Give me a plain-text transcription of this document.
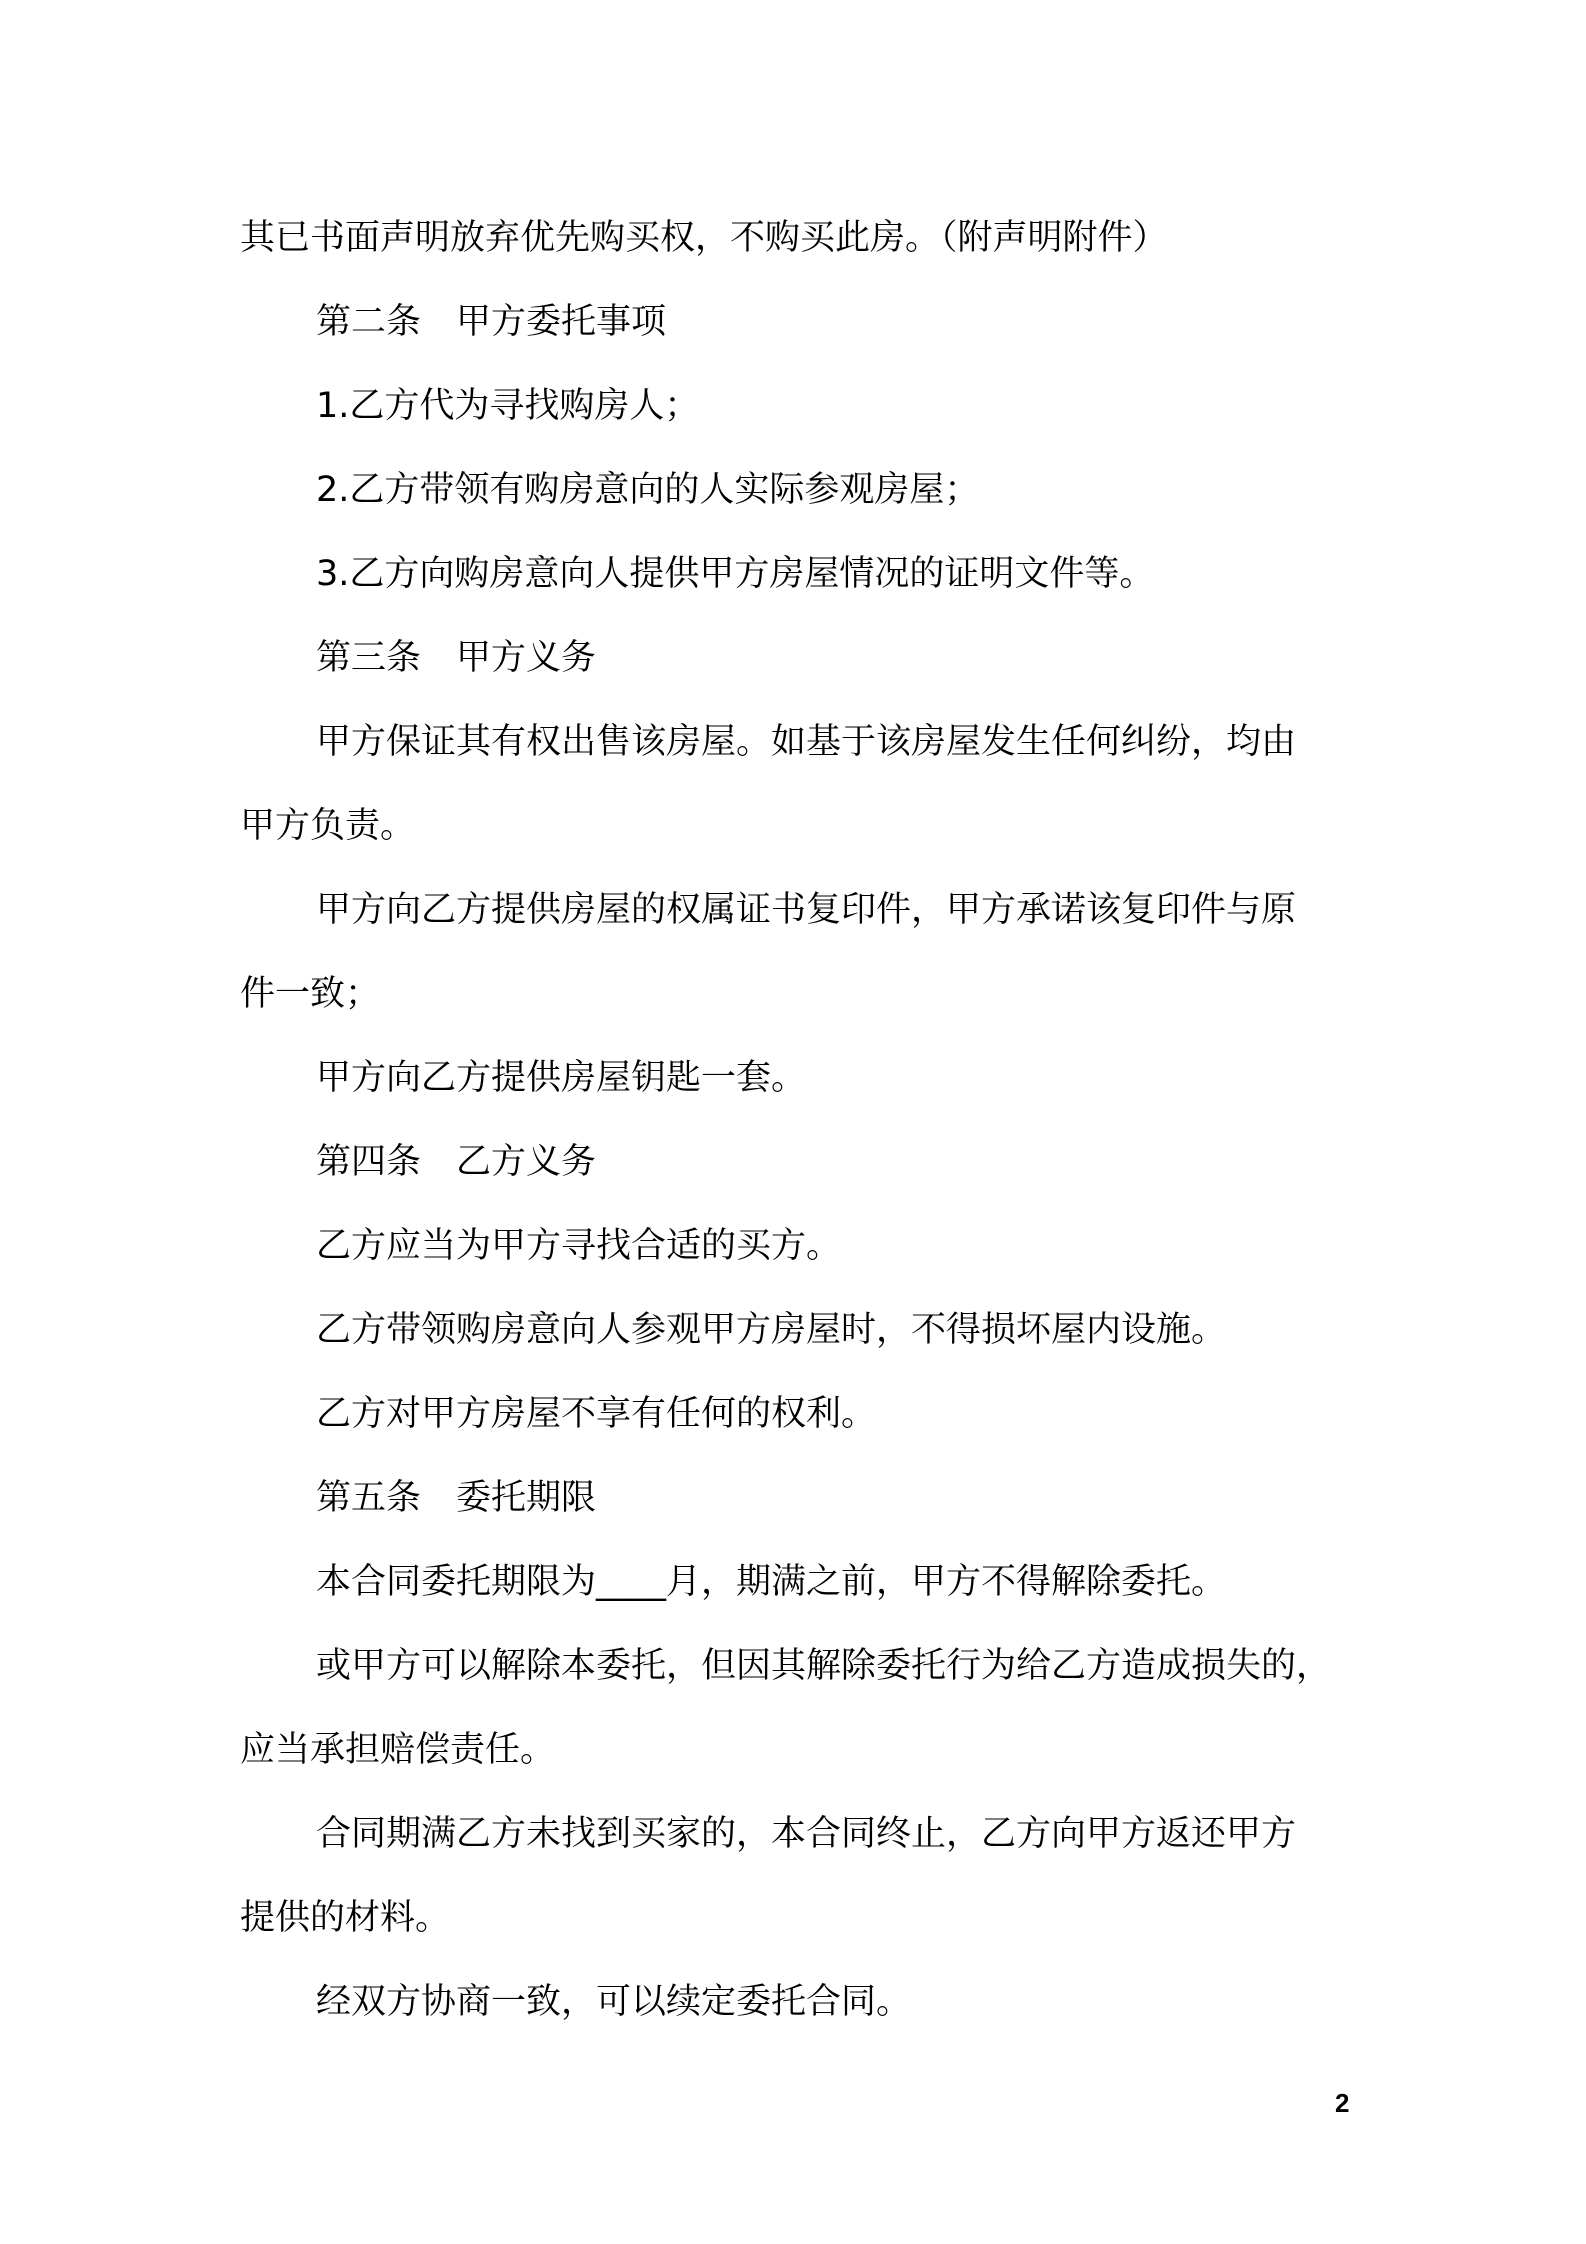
其已书面声明放弃优先购买权，不购买此房。（附声明附件）
第二条　甲方委托事项
1.乙方代为寻找购房人；
2.乙方带领有购房意向的人实际参观房屋；
3.乙方向购房意向人提供甲方房屋情况的证明文件等。
第三条　甲方义务
甲方保证其有权出售该房屋。如基于该房屋发生任何纠纷，均由
甲方负责。
甲方向乙方提供房屋的权属证书复印件，甲方承诺该复印件与原
件一致；
甲方向乙方提供房屋钥匙一套。
第四条　乙方义务
乙方应当为甲方寻找合适的买方。
乙方带领购房意向人参观甲方房屋时，不得损坏屋内设施。
乙方对甲方房屋不享有任何的权利。
第五条　委托期限
本合同委托期限为____月，期满之前，甲方不得解除委托。
或甲方可以解除本委托，但因其解除委托行为给乙方造成损失的，
应当承担赔偿责任。
合同期满乙方未找到买家的，本合同终止，乙方向甲方返还甲方
提供的材料。
经双方协商一致，可以续定委托合同。
2
